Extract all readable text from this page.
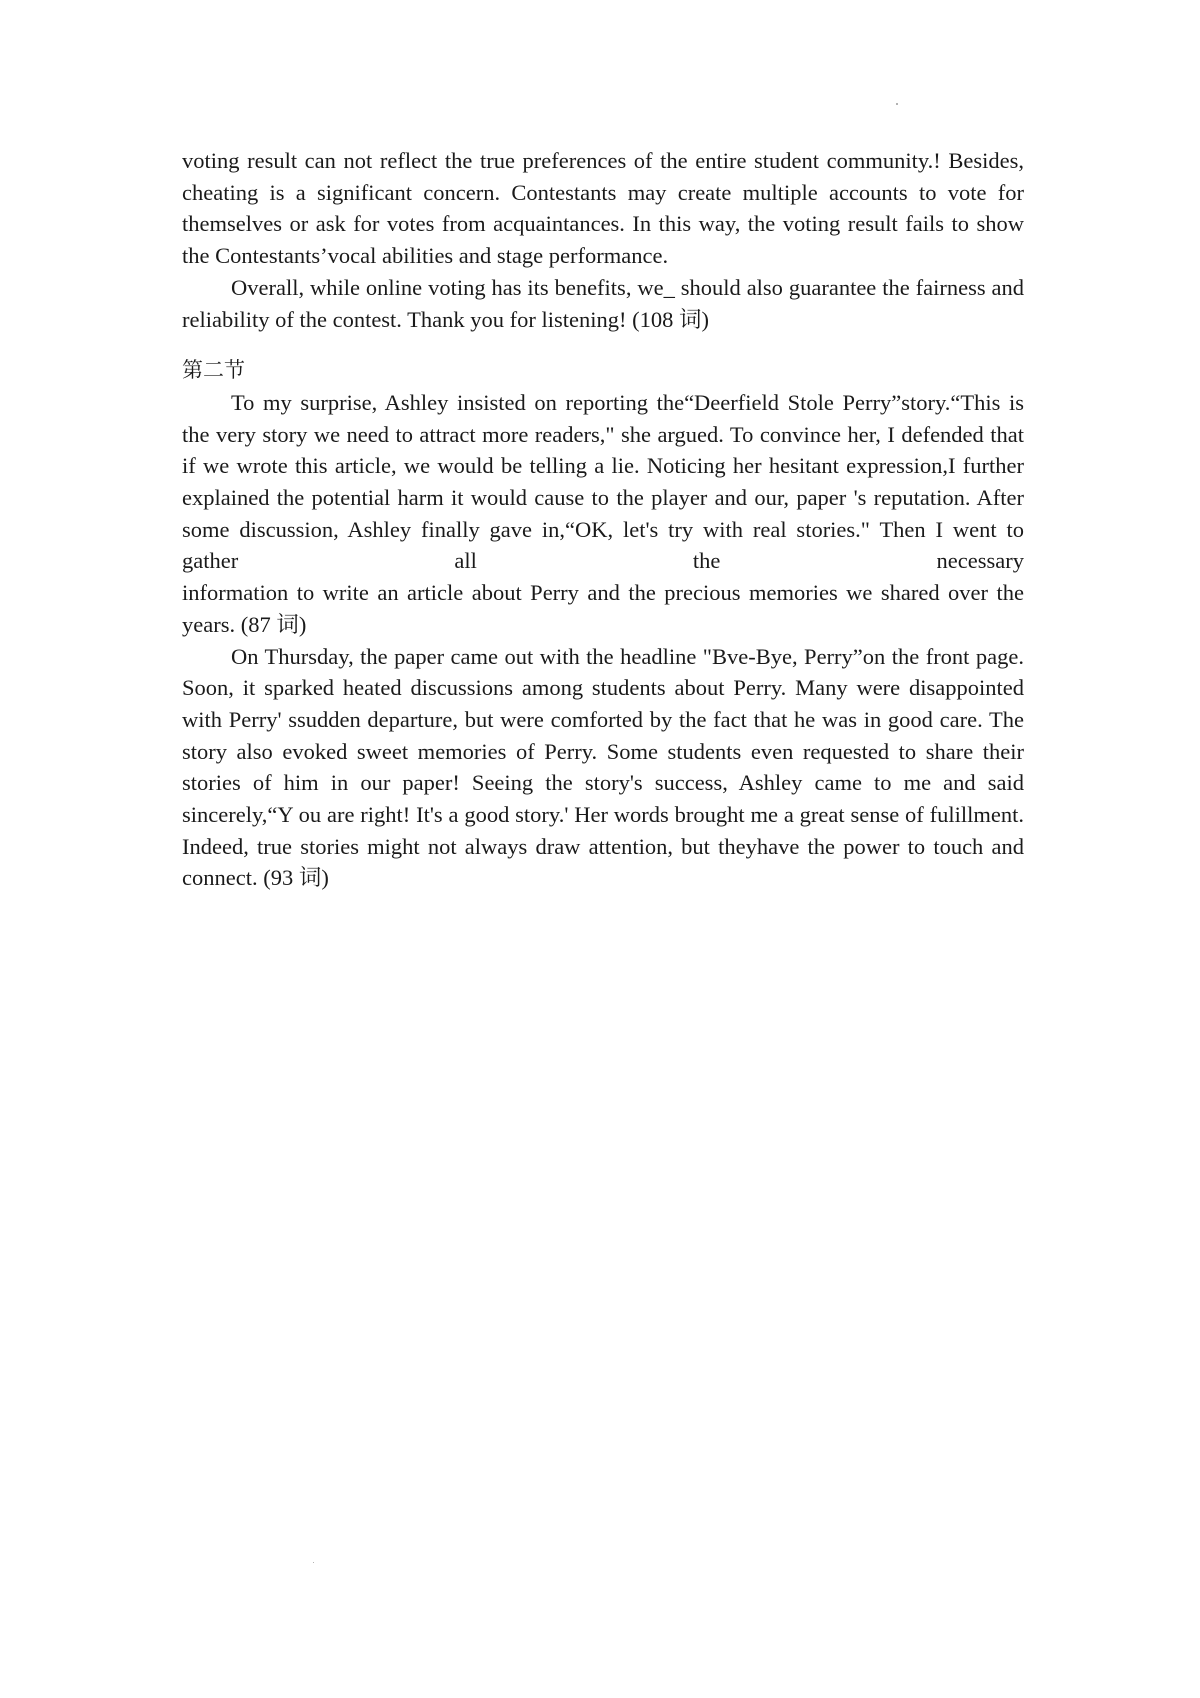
voting result can not reflect the true preferences of the entire student community.! Besides, cheating is a significant concern. Contestants may create multiple accounts to vote for themselves or ask for votes from acquaintances. In this way, the voting result fails to show the Contestants’vocal abilities and stage performance.

Overall, while online voting has its benefits, we_ should also guarantee the fairness and reliability of the contest. Thank you for listening! (108 词)

第二节

To my surprise, Ashley insisted on reporting the“Deerfield Stole Perry”story.“This is the very story we need to attract more readers," she argued. To convince her, I defended that if we wrote this article, we would be telling a lie. Noticing her hesitant expression,I further explained the potential harm it would cause to the player and our, paper 's reputation. After some discussion, Ashley finally gave in,“OK, let's try with real stories." Then I went to gather all the necessary

information to write an article about Perry and the precious memories we shared over the years. (87 词)

On Thursday, the paper came out with the headline "Bve-Bye, Perry”on the front page. Soon, it sparked heated discussions among students about Perry. Many were disappointed with Perry' ssudden departure, but were comforted by the fact that he was in good care. The story also evoked sweet memories of Perry. Some students even requested to share their stories of him in our paper! Seeing the story's success, Ashley came to me and said sincerely,“Y ou are right! It's a good story.' Her words brought me a great sense of fulillment. Indeed, true stories might not always draw attention, but theyhave the power to touch and connect. (93 词)
